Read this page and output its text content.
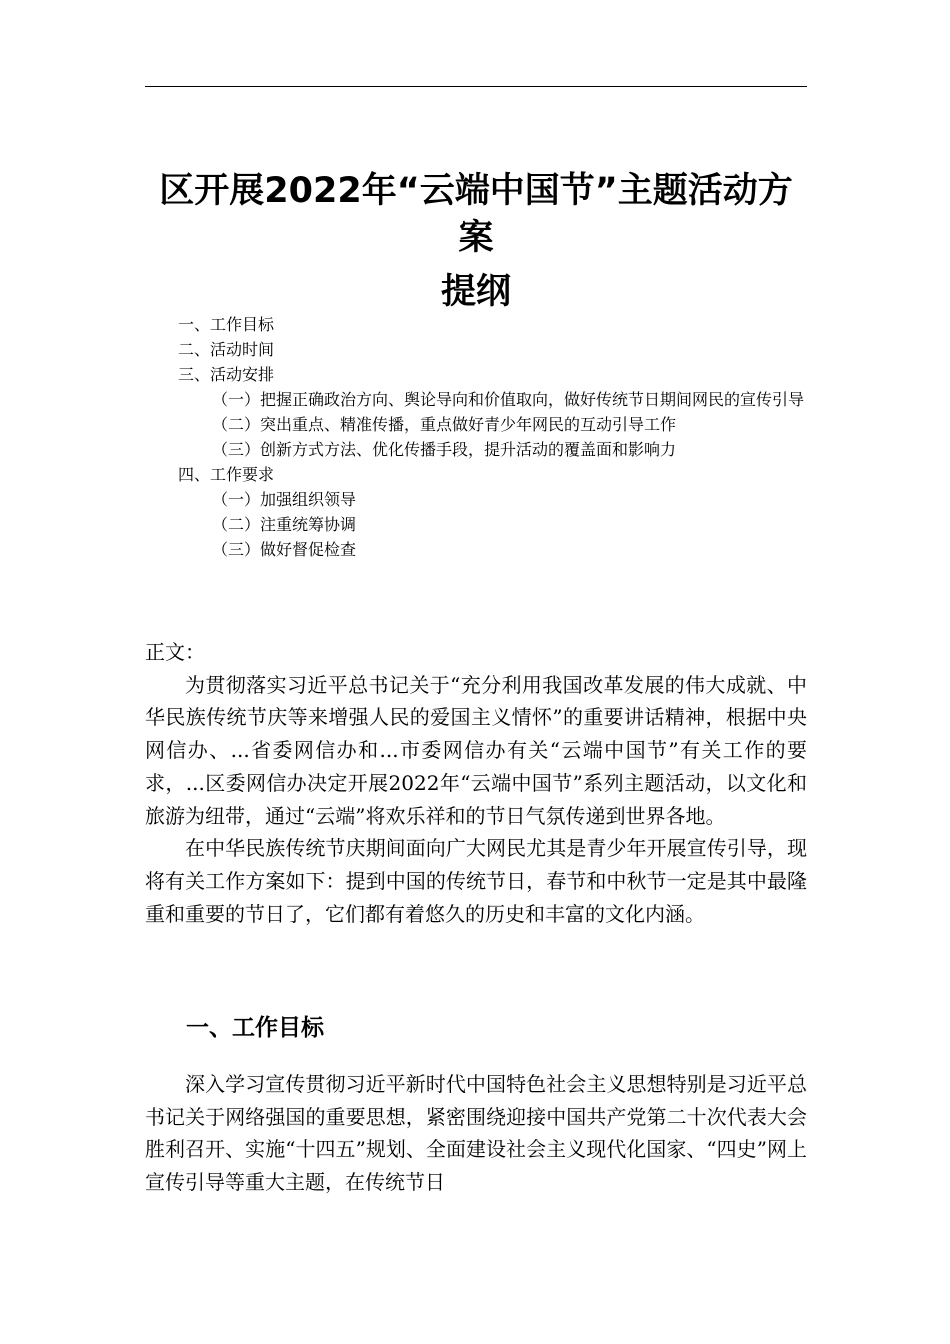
区开展2022年“云端中国节”主题活动方
案
提纲
一、工作目标
二、活动时间
三、活动安排
（一）把握正确政治方向、舆论导向和价值取向，做好传统节日期间网民的宣传引导
（二）突出重点、精准传播，重点做好青少年网民的互动引导工作
（三）创新方式方法、优化传播手段，提升活动的覆盖面和影响力
四、工作要求
（一）加强组织领导
（二）注重统筹协调
（三）做好督促检查

正文：

为贯彻落实习近平总书记关于“充分利用我国改革发展的伟大成就、中华民族传统节庆等来增强人民的爱国主义情怀”的重要讲话精神，根据中央网信办、...省委网信办和...市委网信办有关“云端中国节”有关工作的要求，...区委网信办决定开展2022年“云端中国节”系列主题活动，以文化和旅游为纽带，通过“云端”将欢乐祥和的节日气氛传递到世界各地。

在中华民族传统节庆期间面向广大网民尤其是青少年开展宣传引导，现将有关工作方案如下：提到中国的传统节日，春节和中秋节一定是其中最隆重和重要的节日了，它们都有着悠久的历史和丰富的文化内涵。

一、工作目标

深入学习宣传贯彻习近平新时代中国特色社会主义思想特别是习近平总书记关于网络强国的重要思想，紧密围绕迎接中国共产党第二十次代表大会胜利召开、实施“十四五”规划、全面建设社会主义现代化国家、“四史”网上宣传引导等重大主题，在传统节日
